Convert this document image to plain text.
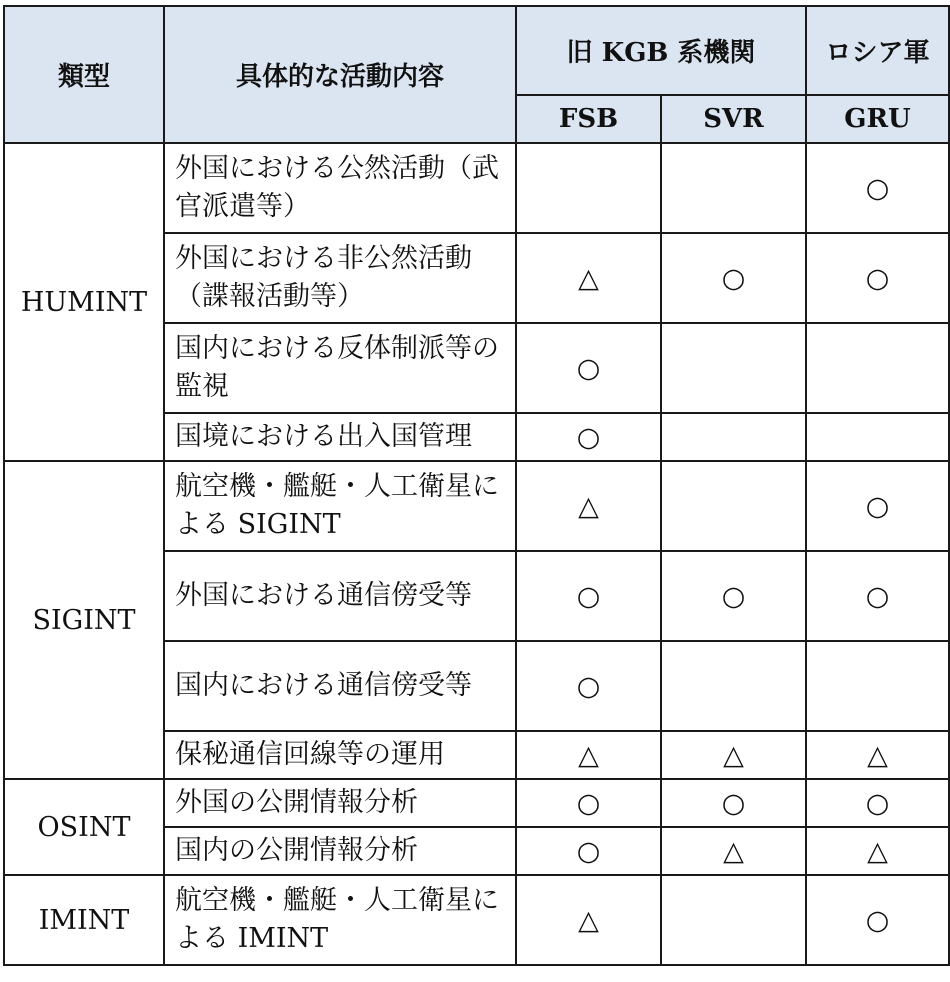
類型	具体的な活動内容	旧 KGB 系機関		ロシア軍
		FSB	SVR	GRU
HUMINT	外国における公然活動（武官派遣等）			○
	外国における非公然活動（諜報活動等）	△	○	○
	国内における反体制派等の監視	○		
	国境における出入国管理	○		
SIGINT	航空機・艦艇・人工衛星による SIGINT	△		○
	外国における通信傍受等	○	○	○
	国内における通信傍受等	○		
	保秘通信回線等の運用	△	△	△
OSINT	外国の公開情報分析	○	○	○
	国内の公開情報分析	○	△	△
IMINT	航空機・艦艇・人工衛星による IMINT	△		○
